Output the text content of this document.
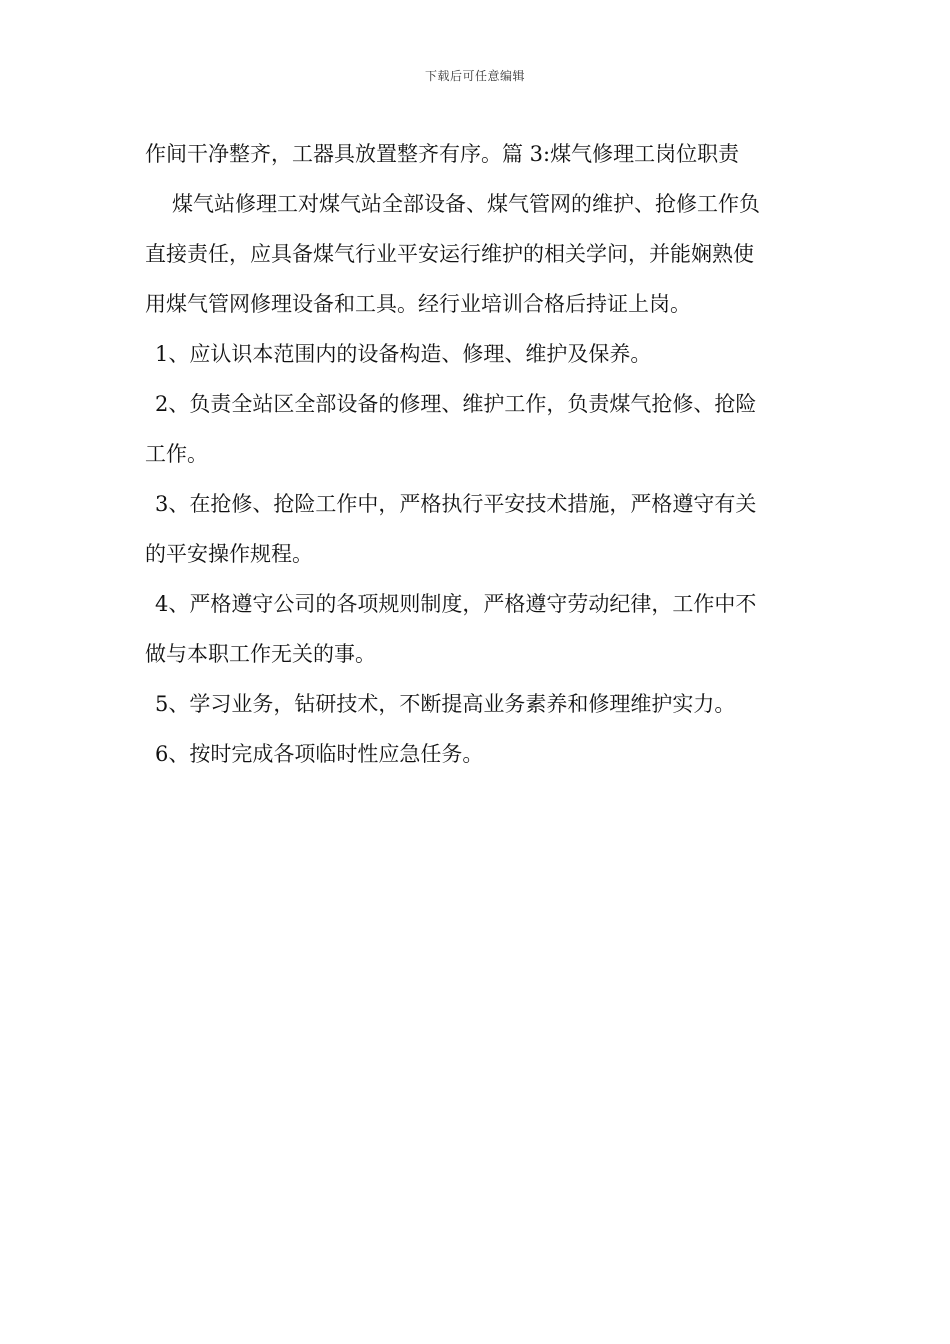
下载后可任意编辑
作间干净整齐，工器具放置整齐有序。篇 3:煤气修理工岗位职责
煤气站修理工对煤气站全部设备、煤气管网的维护、抢修工作负
直接责任，应具备煤气行业平安运行维护的相关学问，并能娴熟使
用煤气管网修理设备和工具。经行业培训合格后持证上岗。
1、应认识本范围内的设备构造、修理、维护及保养。
2、负责全站区全部设备的修理、维护工作，负责煤气抢修、抢险
工作。
3、在抢修、抢险工作中，严格执行平安技术措施，严格遵守有关
的平安操作规程。
4、严格遵守公司的各项规则制度，严格遵守劳动纪律，工作中不
做与本职工作无关的事。
5、学习业务，钻研技术，不断提高业务素养和修理维护实力。
6、按时完成各项临时性应急任务。
